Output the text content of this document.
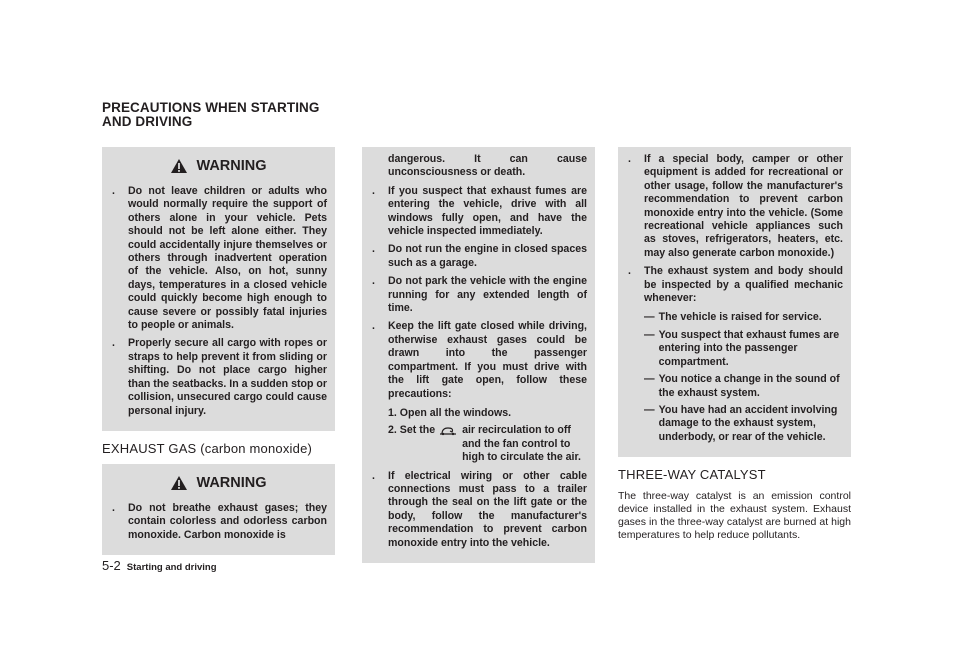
PRECAUTIONS WHEN STARTING
AND DRIVING
WARNING
.	Do not leave children or adults who would normally require the support of others alone in your vehicle. Pets should not be left alone either. They could accidentally injure themselves or others through inadvertent operation of the vehicle. Also, on hot, sunny days, temperatures in a closed vehicle could quickly become high enough to cause severe or possibly fatal injuries to people or animals.
.	Properly secure all cargo with ropes or straps to help prevent it from sliding or shifting. Do not place cargo higher than the seatbacks. In a sudden stop or collision, unsecured cargo could cause personal injury.
EXHAUST GAS (carbon monoxide)
WARNING
.	Do not breathe exhaust gases; they contain colorless and odorless carbon monoxide. Carbon monoxide is
dangerous. It can cause unconsciousness or death.
.	If you suspect that exhaust fumes are entering the vehicle, drive with all windows fully open, and have the vehicle inspected immediately.
.	Do not run the engine in closed spaces such as a garage.
.	Do not park the vehicle with the engine running for any extended length of time.
.	Keep the lift gate closed while driving, otherwise exhaust gases could be drawn into the passenger compartment. If you must drive with the lift gate open, follow these precautions:
1. Open all the windows.
2. Set the	air recirculation to off and the fan control to high to circulate the air.
.	If electrical wiring or other cable connections must pass to a trailer through the seal on the lift gate or the body, follow the manufacturer's recommendation to prevent carbon monoxide entry into the vehicle.
.	If a special body, camper or other equipment is added for recreational or other usage, follow the manufacturer's recommendation to prevent carbon monoxide entry into the vehicle. (Some recreational vehicle appliances such as stoves, refrigerators, heaters, etc. may also generate carbon monoxide.)
.	The exhaust system and body should be inspected by a qualified mechanic whenever:
— The vehicle is raised for service.
— You suspect that exhaust fumes are entering into the passenger compartment.
— You notice a change in the sound of the exhaust system.
— You have had an accident involving damage to the exhaust system, underbody, or rear of the vehicle.
THREE-WAY CATALYST
The three-way catalyst is an emission control device installed in the exhaust system. Exhaust gases in the three-way catalyst are burned at high temperatures to help reduce pollutants.
5-2 Starting and driving
